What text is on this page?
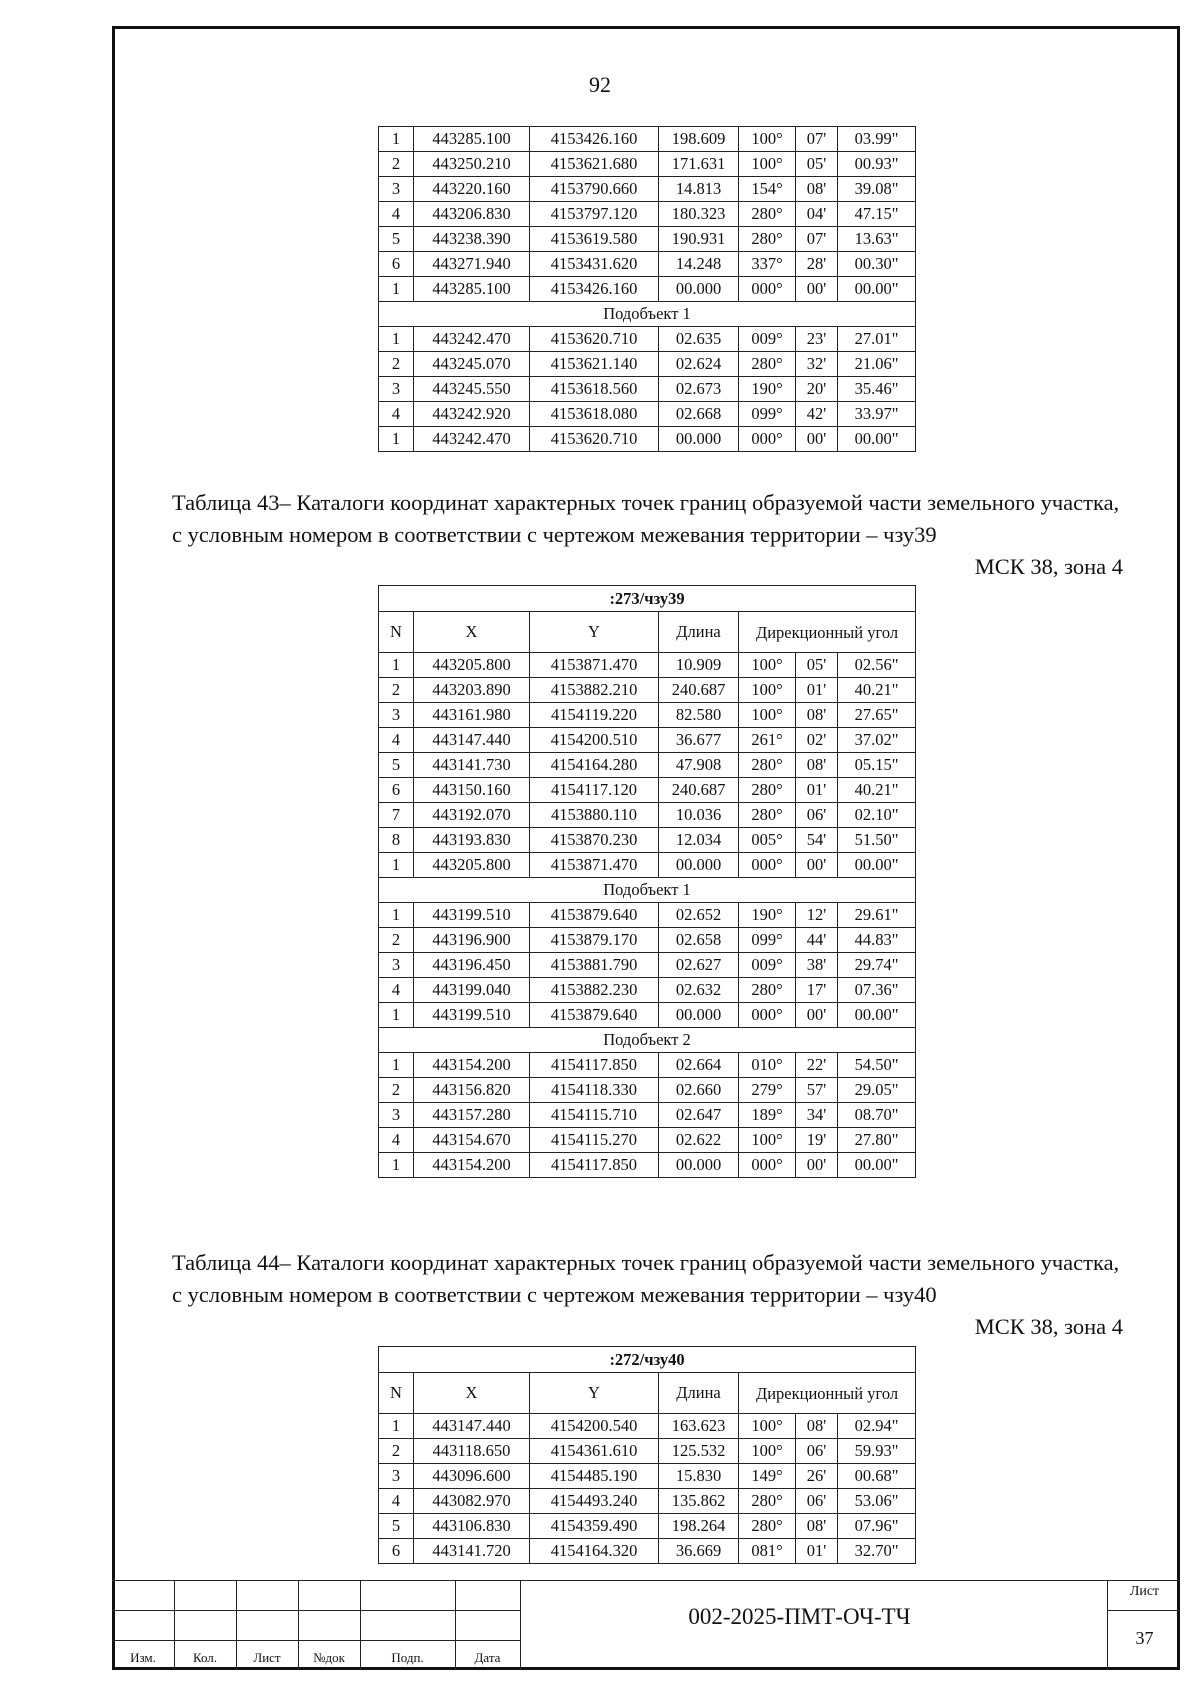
92
1	443285.100	4153426.160	198.609	100°	07'	03.99"
2	443250.210	4153621.680	171.631	100°	05'	00.93"
3	443220.160	4153790.660	14.813	154°	08'	39.08"
4	443206.830	4153797.120	180.323	280°	04'	47.15"
5	443238.390	4153619.580	190.931	280°	07'	13.63"
6	443271.940	4153431.620	14.248	337°	28'	00.30"
1	443285.100	4153426.160	00.000	000°	00'	00.00"
Подобъект 1						
1	443242.470	4153620.710	02.635	009°	23'	27.01"
2	443245.070	4153621.140	02.624	280°	32'	21.06"
3	443245.550	4153618.560	02.673	190°	20'	35.46"
4	443242.920	4153618.080	02.668	099°	42'	33.97"
1	443242.470	4153620.710	00.000	000°	00'	00.00"
Таблица 43– Каталоги координат характерных точек границ образуемой части земельного участка, с условным номером в соответствии с чертежом межевания территории – чзу39
МСК 38, зона 4
:273/чзу39						
N	X	Y	Длина	Дирекционный угол		
1	443205.800	4153871.470	10.909	100°	05'	02.56"
2	443203.890	4153882.210	240.687	100°	01'	40.21"
3	443161.980	4154119.220	82.580	100°	08'	27.65"
4	443147.440	4154200.510	36.677	261°	02'	37.02"
5	443141.730	4154164.280	47.908	280°	08'	05.15"
6	443150.160	4154117.120	240.687	280°	01'	40.21"
7	443192.070	4153880.110	10.036	280°	06'	02.10"
8	443193.830	4153870.230	12.034	005°	54'	51.50"
1	443205.800	4153871.470	00.000	000°	00'	00.00"
Подобъект 1						
1	443199.510	4153879.640	02.652	190°	12'	29.61"
2	443196.900	4153879.170	02.658	099°	44'	44.83"
3	443196.450	4153881.790	02.627	009°	38'	29.74"
4	443199.040	4153882.230	02.632	280°	17'	07.36"
1	443199.510	4153879.640	00.000	000°	00'	00.00"
Подобъект 2						
1	443154.200	4154117.850	02.664	010°	22'	54.50"
2	443156.820	4154118.330	02.660	279°	57'	29.05"
3	443157.280	4154115.710	02.647	189°	34'	08.70"
4	443154.670	4154115.270	02.622	100°	19'	27.80"
1	443154.200	4154117.850	00.000	000°	00'	00.00"
Таблица 44– Каталоги координат характерных точек границ образуемой части земельного участка, с условным номером в соответствии с чертежом межевания территории – чзу40
МСК 38, зона 4
:272/чзу40						
N	X	Y	Длина	Дирекционный угол		
1	443147.440	4154200.540	163.623	100°	08'	02.94"
2	443118.650	4154361.610	125.532	100°	06'	59.93"
3	443096.600	4154485.190	15.830	149°	26'	00.68"
4	443082.970	4154493.240	135.862	280°	06'	53.06"
5	443106.830	4154359.490	198.264	280°	08'	07.96"
6	443141.720	4154164.320	36.669	081°	01'	32.70"
Изм.	Кол.	Лист	№док	Подп.	Дата
002-2025-ПМТ-ОЧ-ТЧ
Лист
37
